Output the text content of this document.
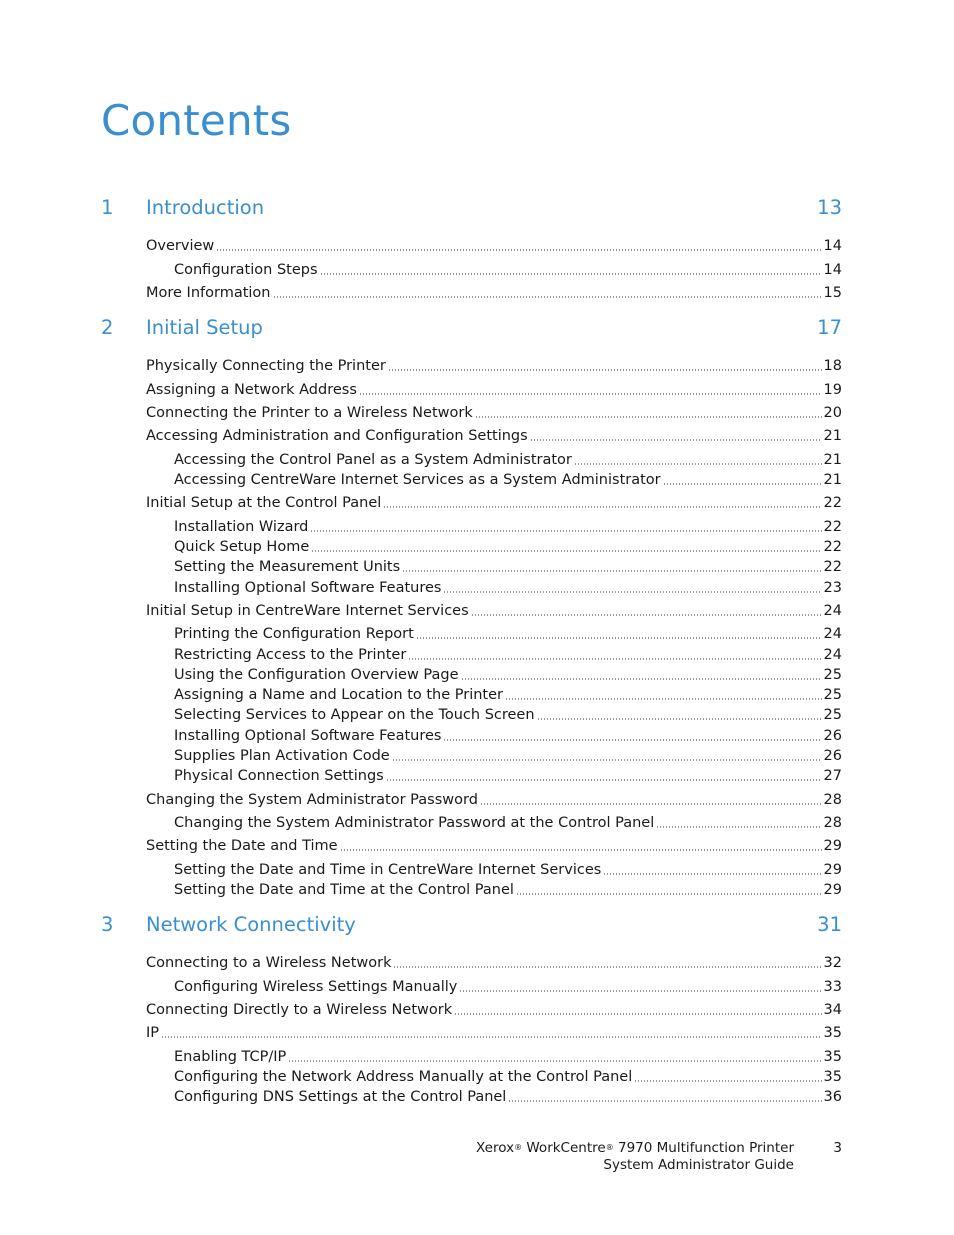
Contents
1 Introduction	13
Overview	14
Configuration Steps	14
More Information	15
2 Initial Setup	17
Physically Connecting the Printer	18
Assigning a Network Address	19
Connecting the Printer to a Wireless Network	20
Accessing Administration and Configuration Settings	21
Accessing the Control Panel as a System Administrator	21
Accessing CentreWare Internet Services as a System Administrator	21
Initial Setup at the Control Panel	22
Installation Wizard	22
Quick Setup Home	22
Setting the Measurement Units	22
Installing Optional Software Features	23
Initial Setup in CentreWare Internet Services	24
Printing the Configuration Report	24
Restricting Access to the Printer	24
Using the Configuration Overview Page	25
Assigning a Name and Location to the Printer	25
Selecting Services to Appear on the Touch Screen	25
Installing Optional Software Features	26
Supplies Plan Activation Code	26
Physical Connection Settings	27
Changing the System Administrator Password	28
Changing the System Administrator Password at the Control Panel	28
Setting the Date and Time	29
Setting the Date and Time in CentreWare Internet Services	29
Setting the Date and Time at the Control Panel	29
3 Network Connectivity	31
Connecting to a Wireless Network	32
Configuring Wireless Settings Manually	33
Connecting Directly to a Wireless Network	34
IP	35
Enabling TCP/IP	35
Configuring the Network Address Manually at the Control Panel	35
Configuring DNS Settings at the Control Panel	36
Xerox® WorkCentre® 7970 Multifunction Printer
System Administrator Guide
3
